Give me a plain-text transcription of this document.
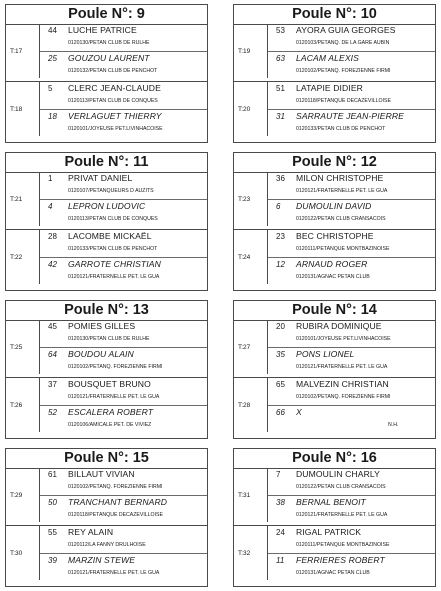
Poule N°: 9
T:17
44 LUCHE PATRICE
0120130/PETAN CLUB DE RULHE
25 GOUZOU LAURENT
0120132/PETAN CLUB DE PENCHOT
T:18
5 CLERC JEAN-CLAUDE
0120113/PETAN CLUB DE CONQUES
18 VERLAGUET THIERRY
0120101/JOYEUSE PET.LIVINHACOISE
Poule N°: 10
T:19
53 AYORA GUIA GEORGES
0120103/PETANQ. DE LA GARE AUBIN
63 LACAM ALEXIS
0120102/PETANQ. FOREZIENNE FIRMI
T:20
51 LATAPIE DIDIER
0120118/PETANQUE DECAZEVILLOISE
31 SARRAUTE JEAN-PIERRE
0120133/PETAN CLUB DE PENCHOT
Poule N°: 11
T:21
1 PRIVAT DANIEL
0120107/PETANQUEURS D AUZITS
4 LEPRON LUDOVIC
0120113/PETAN CLUB DE CONQUES
T:22
28 LACOMBE MICKAËL
0120133/PETAN CLUB DE PENCHOT
42 GARROTE CHRISTIAN
0120121/FRATERNELLE PET. LE GUA
Poule N°: 12
T:23
36 MILON CHRISTOPHE
0120121/FRATERNELLE PET. LE GUA
6 DUMOULIN DAVID
0120122/PETAN CLUB CRANSACOIS
T:24
23 BEC CHRISTOPHE
0120111/PETANQUE MONTBAZINOISE
12 ARNAUD ROGER
0120131/AGNAC PETAN CLUB
Poule N°: 13
T:25
45 POMIES GILLES
0120130/PETAN CLUB DE RULHE
64 BOUDOU ALAIN
0120102/PETANQ. FOREZIENNE FIRMI
T:26
37 BOUSQUET BRUNO
0120121/FRATERNELLE PET. LE GUA
52 ESCALERA ROBERT
0120106/AMICALE PET. DE VIVIEZ
Poule N°: 14
T:27
20 RUBIRA DOMINIQUE
0120101/JOYEUSE PET.LIVINHACOISE
35 PONS LIONEL
0120121/FRATERNELLE PET. LE GUA
T:28
65 MALVEZIN CHRISTIAN
0120102/PETANQ. FOREZIENNE FIRMI
66 X
N.H.
Poule N°: 15
T:29
61 BILLAUT VIVIAN
0120102/PETANQ. FOREZIENNE FIRMI
50 TRANCHANT BERNARD
0120118/PETANQUE DECAZEVILLOISE
T:30
55 REY ALAIN
0120112/LA FANNY DRULHOISE
39 MARZIN STEWE
0120121/FRATERNELLE PET. LE GUA
Poule N°: 16
T:31
7 DUMOULIN CHARLY
0120122/PETAN CLUB CRANSACOIS
38 BERNAL BENOIT
0120121/FRATERNELLE PET. LE GUA
T:32
24 RIGAL PATRICK
0120111/PETANQUE MONTBAZINOISE
11 FERRIERES ROBERT
0120131/AGNAC PETAN CLUB
